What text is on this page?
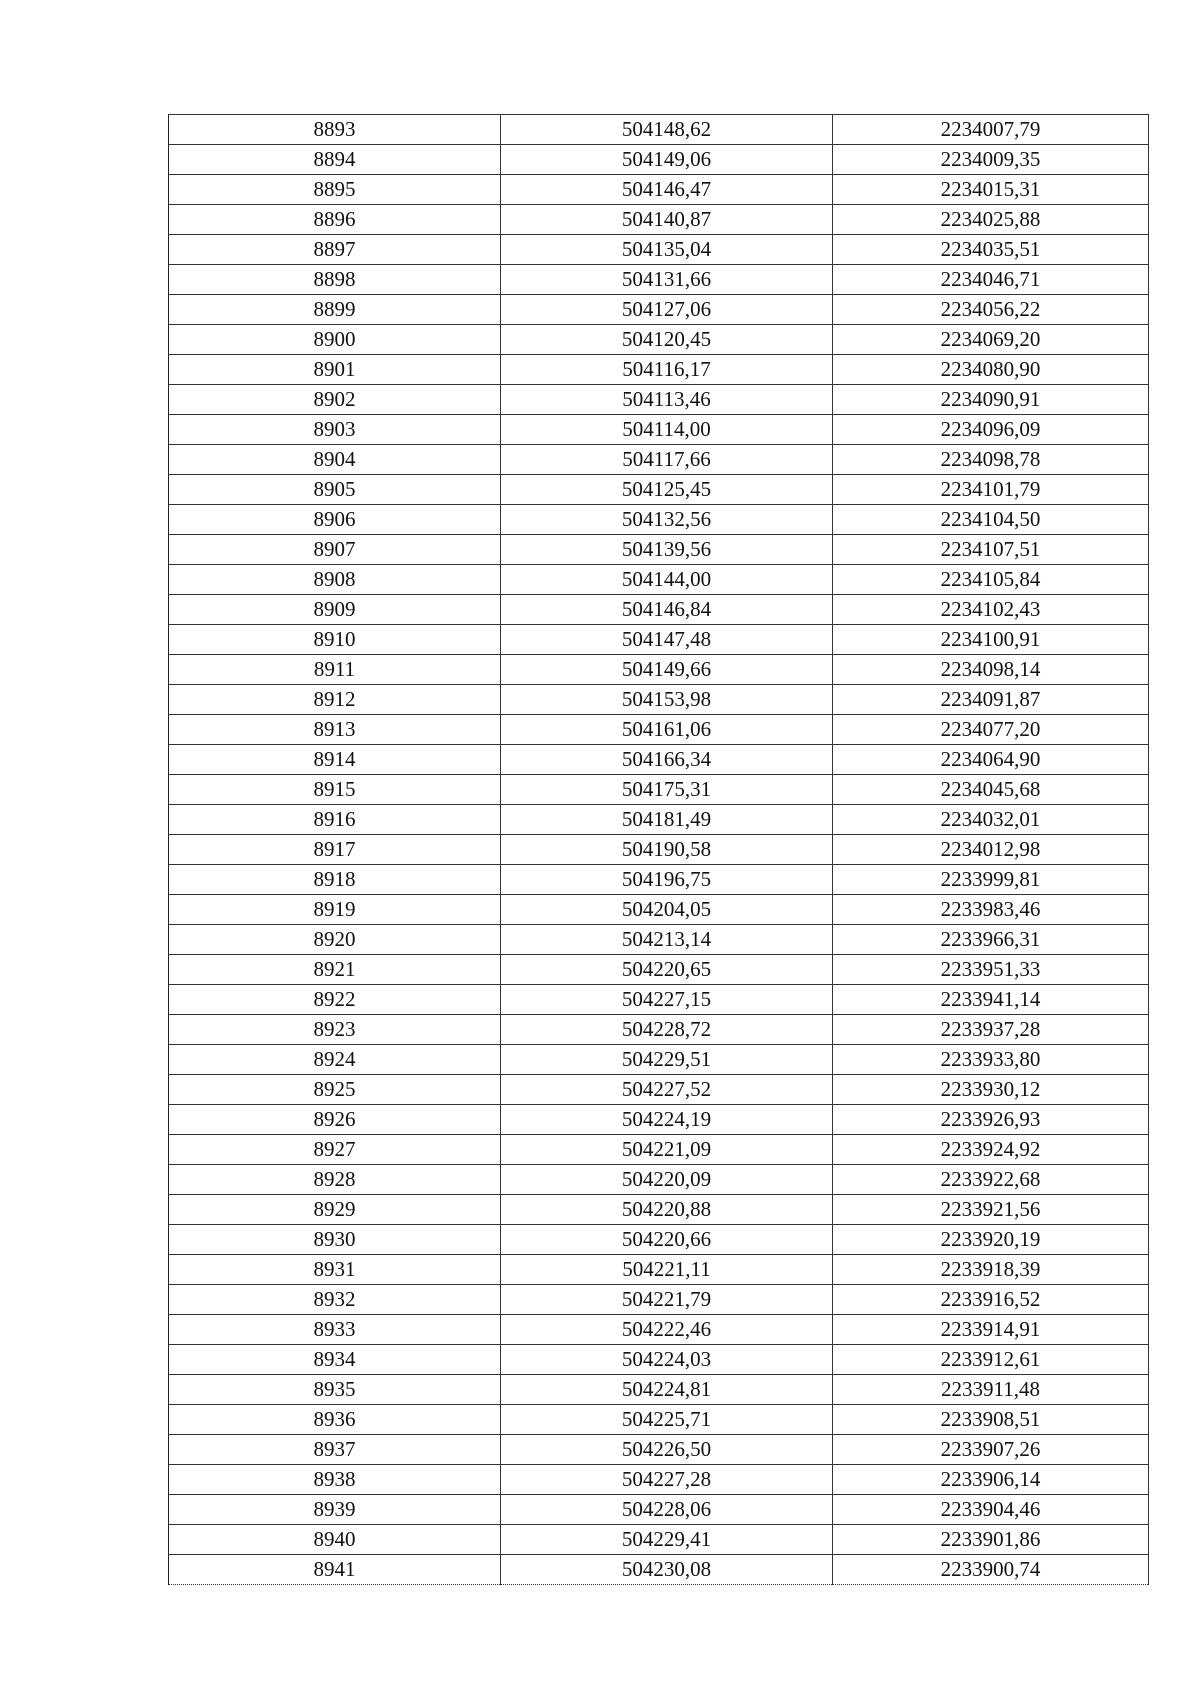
8893	504148,62	2234007,79
8894	504149,06	2234009,35
8895	504146,47	2234015,31
8896	504140,87	2234025,88
8897	504135,04	2234035,51
8898	504131,66	2234046,71
8899	504127,06	2234056,22
8900	504120,45	2234069,20
8901	504116,17	2234080,90
8902	504113,46	2234090,91
8903	504114,00	2234096,09
8904	504117,66	2234098,78
8905	504125,45	2234101,79
8906	504132,56	2234104,50
8907	504139,56	2234107,51
8908	504144,00	2234105,84
8909	504146,84	2234102,43
8910	504147,48	2234100,91
8911	504149,66	2234098,14
8912	504153,98	2234091,87
8913	504161,06	2234077,20
8914	504166,34	2234064,90
8915	504175,31	2234045,68
8916	504181,49	2234032,01
8917	504190,58	2234012,98
8918	504196,75	2233999,81
8919	504204,05	2233983,46
8920	504213,14	2233966,31
8921	504220,65	2233951,33
8922	504227,15	2233941,14
8923	504228,72	2233937,28
8924	504229,51	2233933,80
8925	504227,52	2233930,12
8926	504224,19	2233926,93
8927	504221,09	2233924,92
8928	504220,09	2233922,68
8929	504220,88	2233921,56
8930	504220,66	2233920,19
8931	504221,11	2233918,39
8932	504221,79	2233916,52
8933	504222,46	2233914,91
8934	504224,03	2233912,61
8935	504224,81	2233911,48
8936	504225,71	2233908,51
8937	504226,50	2233907,26
8938	504227,28	2233906,14
8939	504228,06	2233904,46
8940	504229,41	2233901,86
8941	504230,08	2233900,74
